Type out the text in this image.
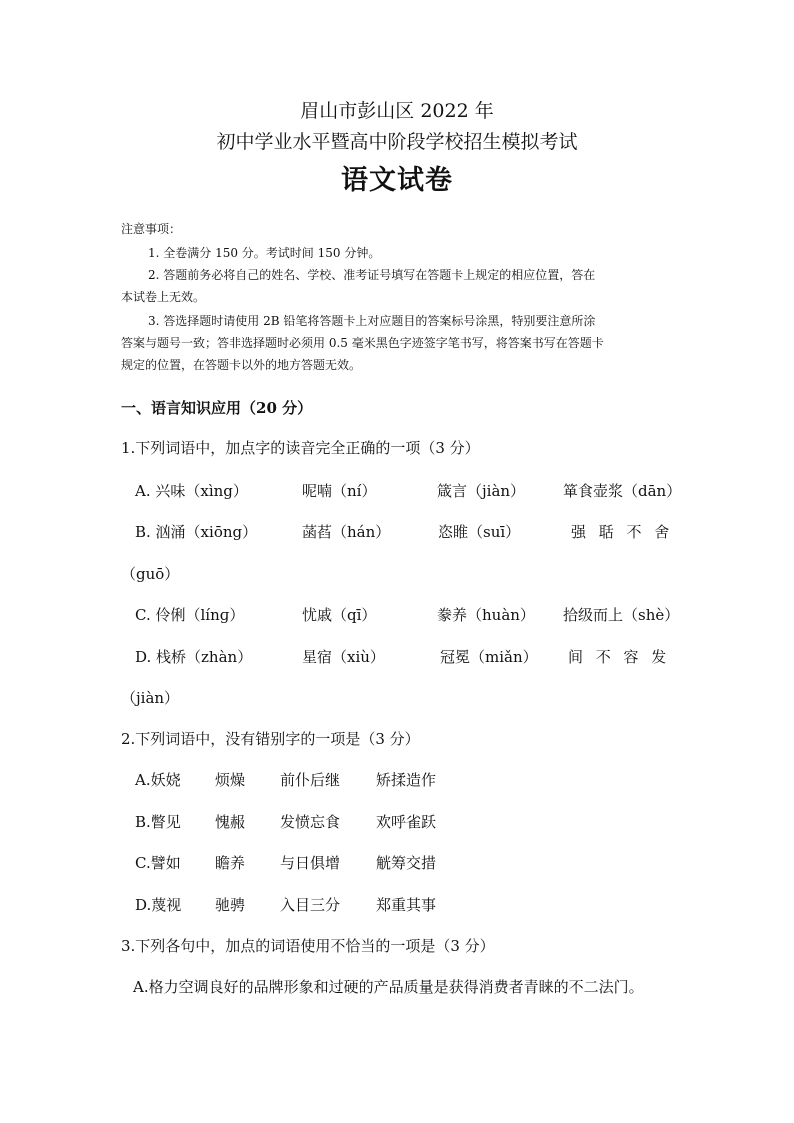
眉山市彭山区 2022 年
初中学业水平暨高中阶段学校招生模拟考试
语文试卷
注意事项：
1. 全卷满分 150 分。考试时间 150 分钟。
2. 答题前务必将自己的姓名、学校、准考证号填写在答题卡上规定的相应位置，答在
本试卷上无效。
3. 答选择题时请使用 2B 铅笔将答题卡上对应题目的答案标号涂黑，特别要注意所涂
答案与题号一致；答非选择题时必须用 0.5 毫米黑色字迹签字笔书写，将答案书写在答题卡
规定的位置，在答题卡以外的地方答题无效。
一、语言知识应用（20 分）
1.下列词语中，加点字的读音完全正确的一项（3 分）
A. 兴味（xìng）	呢喃（ní）	箴言（jiàn）	箪食壶浆（dān）
B. 汹涌（xiōng）	菡萏（hán）	恣睢（suī）	强 聒 不 舍
（guō）
C. 伶俐（línɡ）	忧戚（qī）	豢养（huàn） 拾级而上（shè）
D. 栈桥（zhàn）	星宿（xiù）	冠冕（miǎn） 间 不 容 发
（jiàn）
2.下列词语中，没有错别字的一项是（3 分）
A.妖娆 烦燥 前仆后继 矫揉造作
B.瞥见 愧赧 发愤忘食 欢呼雀跃
C.譬如 瞻养 与日俱增 觥筹交措
D.蔑视 驰骋 入目三分 郑重其事
3.下列各句中，加点的词语使用不恰当的一项是（3 分）
A.格力空调良好的品牌形象和过硬的产品质量是获得消费者青睐的不二法门。
